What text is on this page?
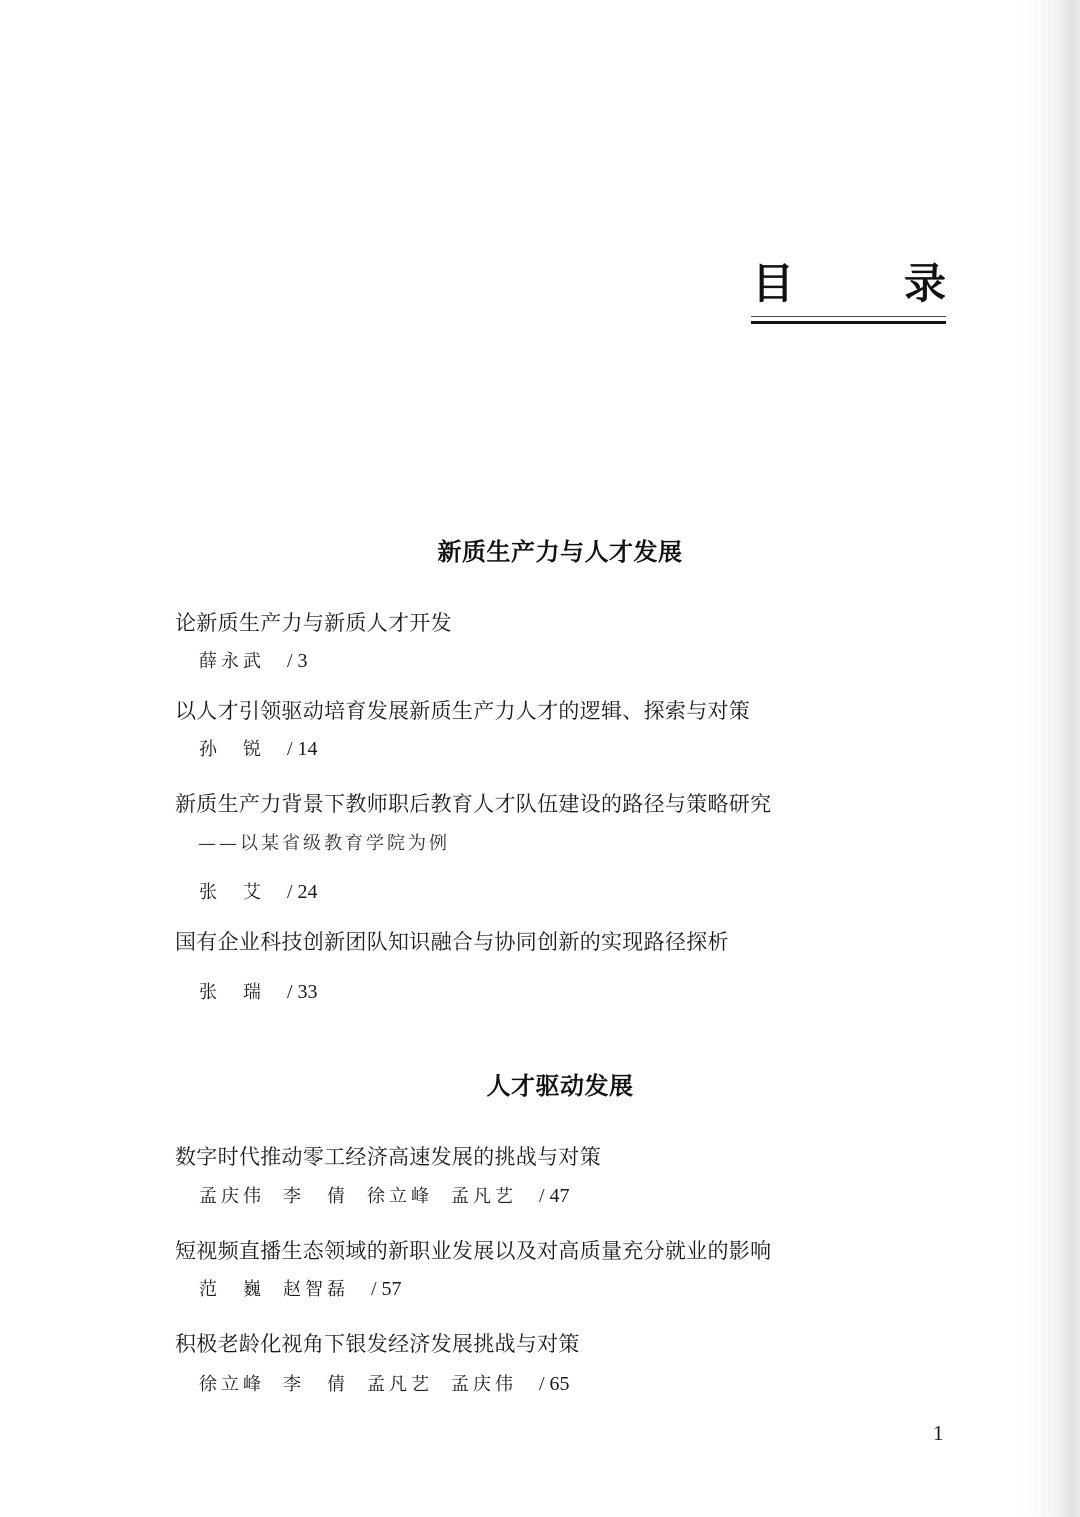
目	录
新质生产力与人才发展
论新质生产力与新质人才开发
薛永武 / 3
以人才引领驱动培育发展新质生产力人才的逻辑、探索与对策
孙　锐 / 14
新质生产力背景下教师职后教育人才队伍建设的路径与策略研究
——以某省级教育学院为例
张　艾 / 24
国有企业科技创新团队知识融合与协同创新的实现路径探析
张　瑞 / 33
人才驱动发展
数字时代推动零工经济高速发展的挑战与对策
孟庆伟 李　倩 徐立峰 孟凡艺 / 47
短视频直播生态领域的新职业发展以及对高质量充分就业的影响
范　巍 赵智磊 / 57
积极老龄化视角下银发经济发展挑战与对策
徐立峰 李　倩 孟凡艺 孟庆伟 / 65
1
